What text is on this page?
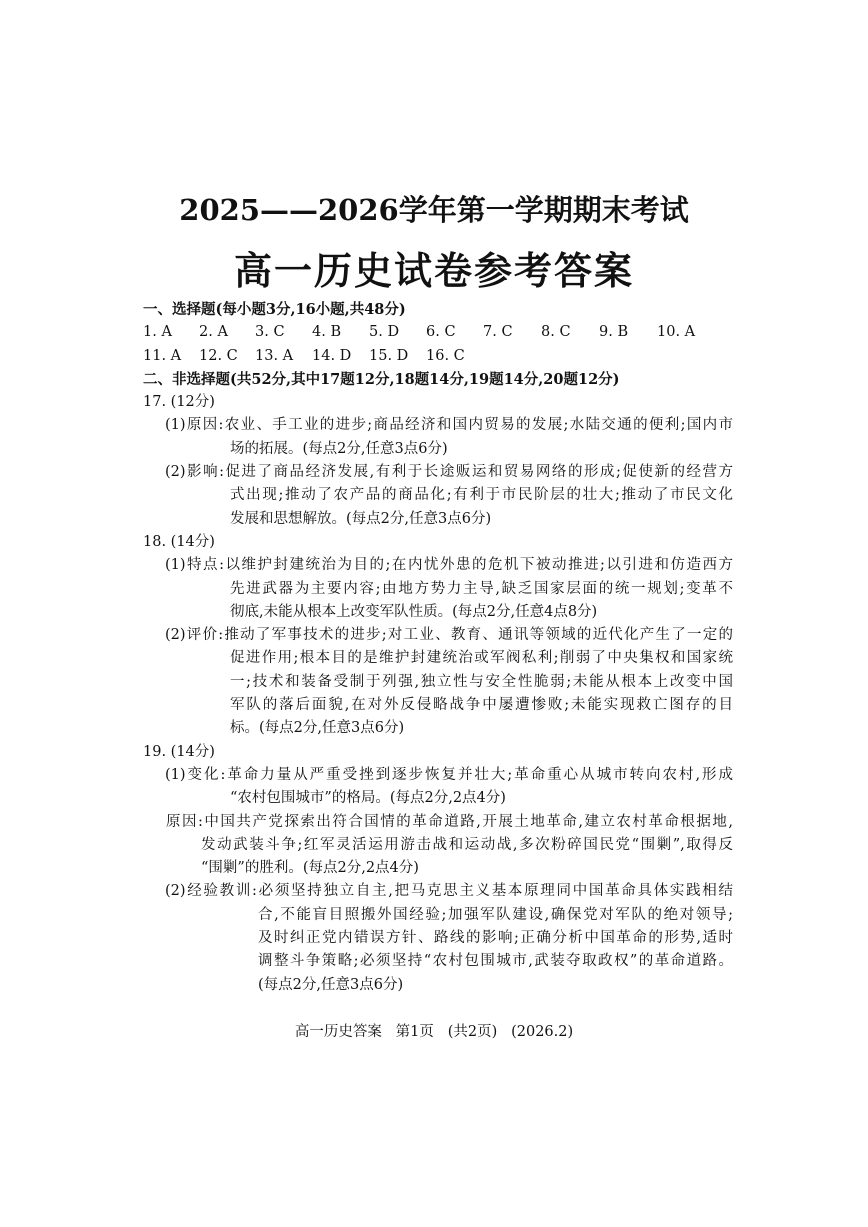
2025——2026学年第一学期期末考试
高一历史试卷参考答案
一、选择题(每小题3分,16小题,共48分)
1. A	2. A	3. C	4. B	5. D	6. C	7. C	8. C	9. B	10. A
11. A	12. C	13. A	14. D	15. D	16. C
二、非选择题(共52分,其中17题12分,18题14分,19题14分,20题12分)
17. (12分)
(1)原因:农业、手工业的进步;商品经济和国内贸易的发展;水陆交通的便利;国内市
场的拓展。(每点2分,任意3点6分)
(2)影响:促进了商品经济发展,有利于长途贩运和贸易网络的形成;促使新的经营方
式出现;推动了农产品的商品化;有利于市民阶层的壮大;推动了市民文化
发展和思想解放。(每点2分,任意3点6分)
18. (14分)
(1)特点:以维护封建统治为目的;在内忧外患的危机下被动推进;以引进和仿造西方
先进武器为主要内容;由地方势力主导,缺乏国家层面的统一规划;变革不
彻底,未能从根本上改变军队性质。(每点2分,任意4点8分)
(2)评价:推动了军事技术的进步;对工业、教育、通讯等领域的近代化产生了一定的
促进作用;根本目的是维护封建统治或军阀私利;削弱了中央集权和国家统
一;技术和装备受制于列强,独立性与安全性脆弱;未能从根本上改变中国
军队的落后面貌,在对外反侵略战争中屡遭惨败;未能实现救亡图存的目
标。(每点2分,任意3点6分)
19. (14分)
(1)变化:革命力量从严重受挫到逐步恢复并壮大;革命重心从城市转向农村,形成
“农村包围城市”的格局。(每点2分,2点4分)
原因:中国共产党探索出符合国情的革命道路,开展土地革命,建立农村革命根据地,
发动武装斗争;红军灵活运用游击战和运动战,多次粉碎国民党“围剿”,取得反
“围剿”的胜利。(每点2分,2点4分)
(2)经验教训:必须坚持独立自主,把马克思主义基本原理同中国革命具体实践相结
合,不能盲目照搬外国经验;加强军队建设,确保党对军队的绝对领导;
及时纠正党内错误方针、路线的影响;正确分析中国革命的形势,适时
调整斗争策略;必须坚持“农村包围城市,武装夺取政权”的革命道路。
(每点2分,任意3点6分)
高一历史答案   第1页   (共2页)   (2026.2)
